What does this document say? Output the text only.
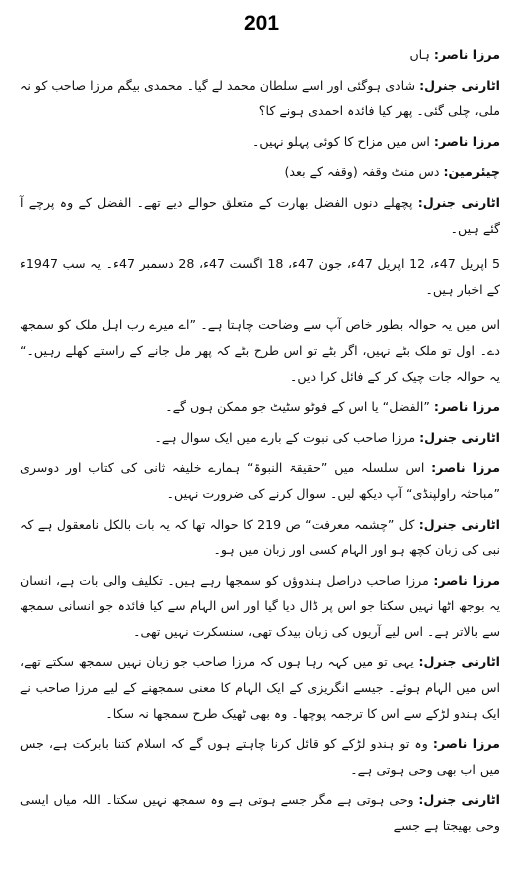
201

مرزا ناصر: ہاں

اٹارنی جنرل: شادی ہوگئی اور اسے سلطان محمد لے گیا۔ محمدی بیگم مرزا صاحب کو نہ ملی، چلی گئی۔ پھر کیا فائدہ احمدی ہونے کا؟

مرزا ناصر: اس میں مزاح کا کوئی پہلو نہیں۔

چیئرمین: دس منٹ وقفہ (وقفہ کے بعد)

اٹارنی جنرل: پچھلے دنوں الفضل بھارت کے متعلق حوالے دیے تھے۔ الفضل کے وہ پرچے آ گئے ہیں۔

5 اپریل 47ء، 12 اپریل 47ء، جون 47ء، 18 اگست 47ء، 28 دسمبر 47ء۔ یہ سب 1947ء کے اخبار ہیں۔

اس میں یہ حوالہ بطور خاص آپ سے وضاحت چاہتا ہے۔ ”اے میرے رب اہل ملک کو سمجھ دے۔ اول تو ملک بٹے نہیں، اگر بٹے تو اس طرح بٹے کہ پھر مل جانے کے راستے کھلے رہیں۔“ یہ حوالہ جات چیک کر کے فائل کرا دیں۔

مرزا ناصر: ”الفضل“ یا اس کے فوٹو سٹیٹ جو ممکن ہوں گے۔

اٹارنی جنرل: مرزا صاحب کی نبوت کے بارے میں ایک سوال ہے۔

مرزا ناصر: اس سلسلہ میں ”حقیقۃ النبوۃ“ ہمارے خلیفہ ثانی کی کتاب اور دوسری ”مباحثہ راولپنڈی“ آپ دیکھ لیں۔ سوال کرنے کی ضرورت نہیں۔

اٹارنی جنرل: کل ”چشمہ معرفت“ ص 219 کا حوالہ تھا کہ یہ بات بالکل نامعقول ہے کہ نبی کی زبان کچھ ہو اور الہام کسی اور زبان میں ہو۔

مرزا ناصر: مرزا صاحب دراصل ہندوؤں کو سمجھا رہے ہیں۔ تکلیف والی بات ہے، انسان یہ بوجھ اٹھا نہیں سکتا جو اس پر ڈال دیا گیا اور اس الہام سے کیا فائدہ جو انسانی سمجھ سے بالاتر ہے۔ اس لیے آریوں کی زبان بیدک تھی، سنسکرت نہیں تھی۔

اٹارنی جنرل: یہی تو میں کہہ رہا ہوں کہ مرزا صاحب جو زبان نہیں سمجھ سکتے تھے، اس میں الہام ہوئے۔ جیسے انگریزی کے ایک الہام کا معنی سمجھنے کے لیے مرزا صاحب نے ایک ہندو لڑکے سے اس کا ترجمہ پوچھا۔ وہ بھی ٹھیک طرح سمجھا نہ سکا۔

مرزا ناصر: وہ تو ہندو لڑکے کو قائل کرنا چاہتے ہوں گے کہ اسلام کتنا بابرکت ہے، جس میں اب بھی وحی ہوتی ہے۔

اٹارنی جنرل: وحی ہوتی ہے مگر جسے ہوتی ہے وہ سمجھ نہیں سکتا۔ اللہ میاں ایسی وحی بھیجتا ہے جسے
